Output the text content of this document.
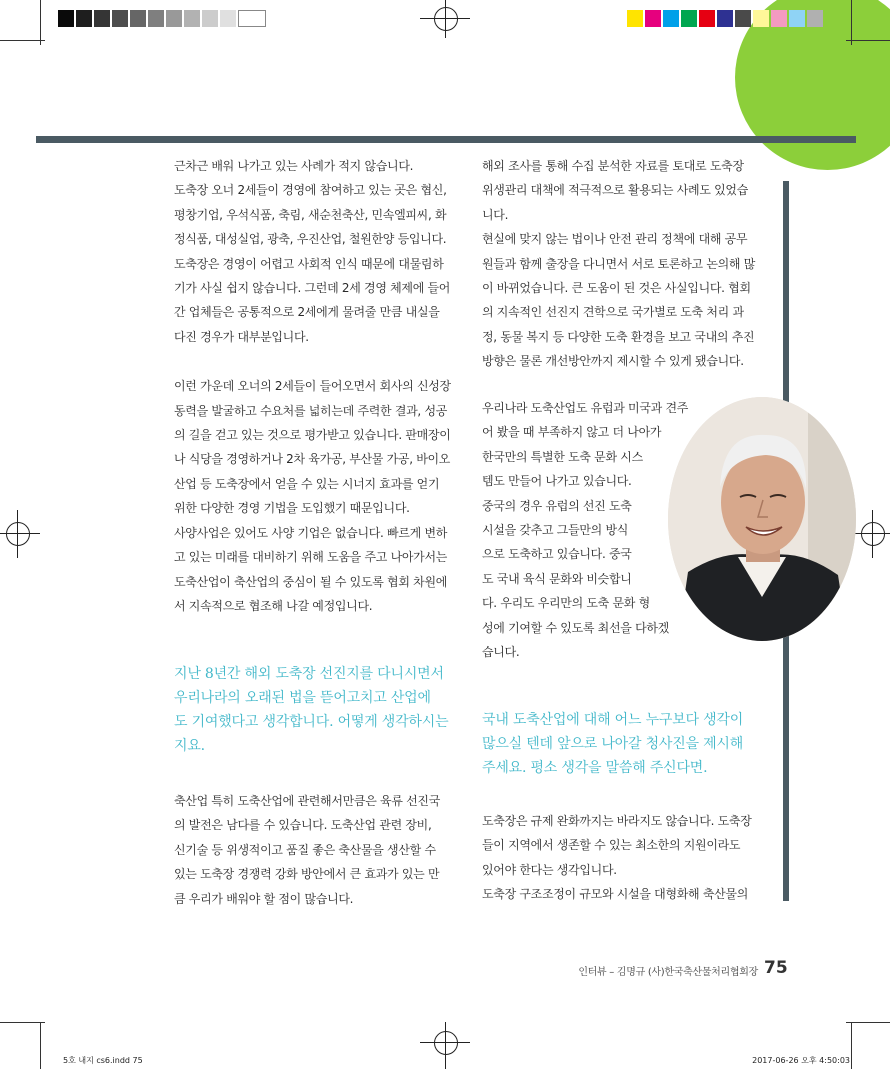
근차근 배워 나가고 있는 사례가 적지 않습니다.

도축장 오너 2세들이 경영에 참여하고 있는 곳은 협신,

평창기업, 우석식품, 축림, 새순천축산, 민속엘피씨, 화

정식품, 대성실업, 광축, 우진산업, 철원한양 등입니다.

도축장은 경영이 어렵고 사회적 인식 때문에 대물림하

기가 사실 쉽지 않습니다. 그런데 2세 경영 체제에 들어

간 업체들은 공통적으로 2세에게 물려줄 만큼 내실을

다진 경우가 대부분입니다.

이런 가운데 오너의 2세들이 들어오면서 회사의 신성장

동력을 발굴하고 수요처를 넓히는데 주력한 결과, 성공

의 길을 걷고 있는 것으로 평가받고 있습니다. 판매장이

나 식당을 경영하거나 2차 육가공, 부산물 가공, 바이오

산업 등 도축장에서 얻을 수 있는 시너지 효과를 얻기

위한 다양한 경영 기법을 도입했기 때문입니다.

사양사업은 있어도 사양 기업은 없습니다. 빠르게 변하

고 있는 미래를 대비하기 위해 도움을 주고 나아가서는

도축산업이 축산업의 중심이 될 수 있도록 협회 차원에

서 지속적으로 협조해 나갈 예정입니다.

지난 8년간 해외 도축장 선진지를 다니시면서

우리나라의 오래된 법을 뜯어고치고 산업에

도 기여했다고 생각합니다. 어떻게 생각하시는

지요.

축산업 특히 도축산업에 관련해서만큼은 육류 선진국

의 발전은 남다를 수 있습니다. 도축산업 관련 장비,

신기술 등 위생적이고 품질 좋은 축산물을 생산할 수

있는 도축장 경쟁력 강화 방안에서 큰 효과가 있는 만

큼 우리가 배워야 할 점이 많습니다.

해외 조사를 통해 수집 분석한 자료를 토대로 도축장

위생관리 대책에 적극적으로 활용되는 사례도 있었습

니다.

현실에 맞지 않는 법이나 안전 관리 정책에 대해 공무

원들과 함께 출장을 다니면서 서로 토론하고 논의해 많

이 바뀌었습니다. 큰 도움이 된 것은 사실입니다. 협회

의 지속적인 선진지 견학으로 국가별로 도축 처리 과

정, 동물 복지 등 다양한 도축 환경을 보고 국내의 추진

방향은 물론 개선방안까지 제시할 수 있게 됐습니다.

우리나라 도축산업도 유럽과 미국과 견주

어 봤을 때 부족하지 않고 더 나아가

한국만의 특별한 도축 문화 시스

템도 만들어 나가고 있습니다.

중국의 경우 유럽의 선진 도축

시설을 갖추고 그들만의 방식

으로 도축하고 있습니다. 중국

도 국내 육식 문화와 비슷합니

다. 우리도 우리만의 도축 문화 형

성에 기여할 수 있도록 최선을 다하겠

습니다.

국내 도축산업에 대해 어느 누구보다 생각이

많으실 텐데 앞으로 나아갈 청사진을 제시해

주세요. 평소 생각을 말씀해 주신다면.

도축장은 규제 완화까지는 바라지도 않습니다. 도축장

들이 지역에서 생존할 수 있는 최소한의 지원이라도

있어야 한다는 생각입니다.

도축장 구조조정이 규모와 시설을 대형화해 축산물의

인터뷰 – 김명규 (사)한국축산물처리협회장 75
5호 내지 cs6.indd 75	2017-06-26 오후 4:50:03
